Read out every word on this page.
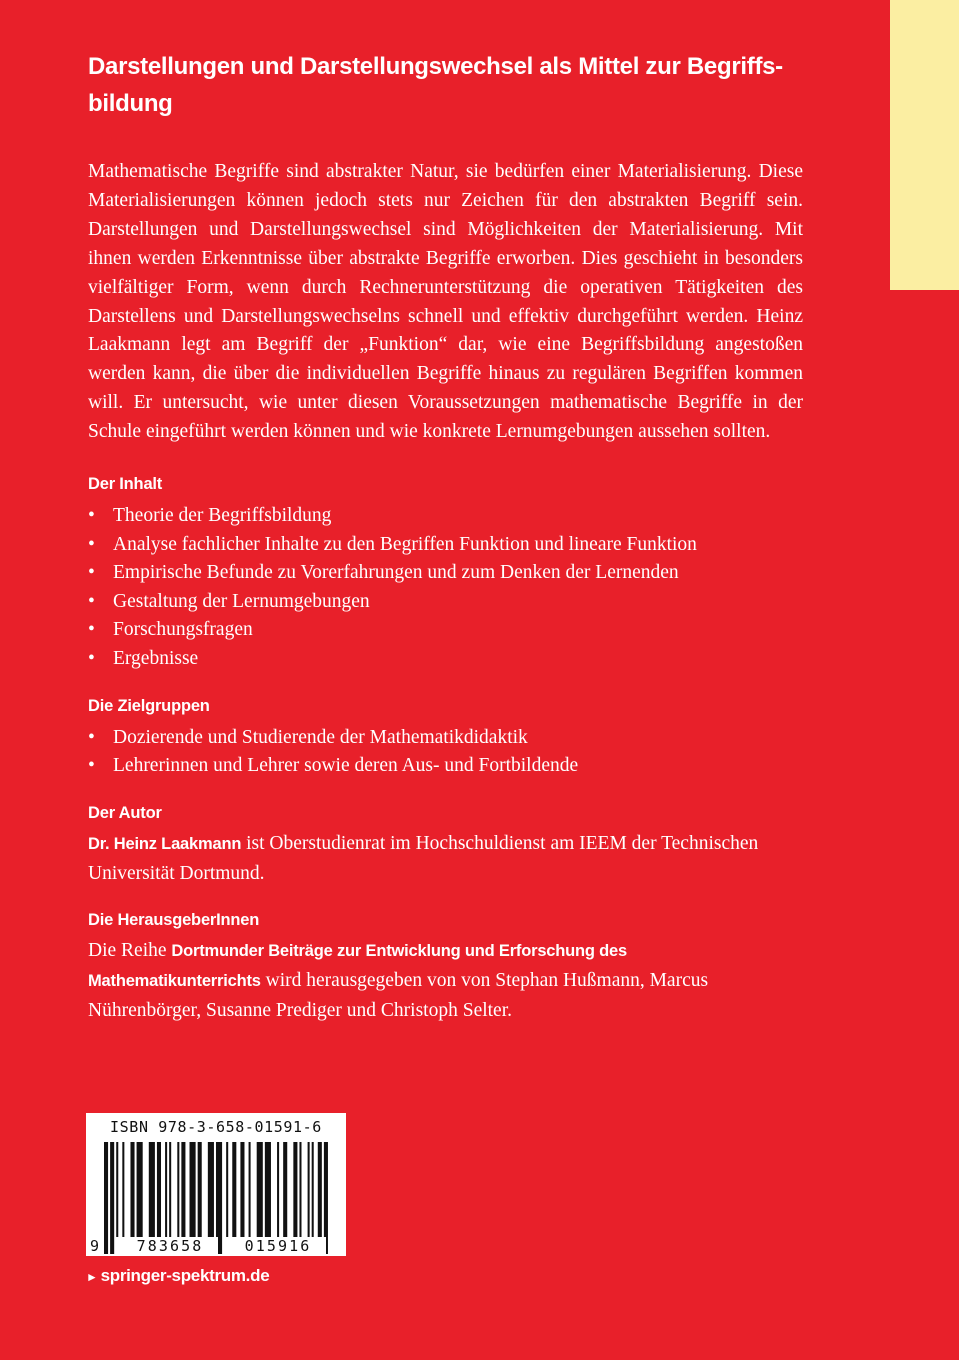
Darstellungen und Darstellungswechsel als Mittel zur Begriffs- bildung

Mathematische Begriffe sind abstrakter Natur, sie bedürfen einer Materialisierung. Diese Materialisierungen können jedoch stets nur Zeichen für den abstrakten Begriff sein. Darstellungen und Darstellungswechsel sind Möglichkeiten der Materialisierung. Mit ihnen werden Erkenntnisse über abstrakte Begriffe erworben. Dies geschieht in besonders vielfältiger Form, wenn durch Rechnerunterstützung die operativen Tätigkeiten des Darstellens und Darstellungswechselns schnell und effektiv durchgeführt werden. Heinz Laakmann legt am Begriff der „Funktion“ dar, wie eine Begriffsbildung angestoßen werden kann, die über die individuellen Begriffe hinaus zu regulären Begriffen kommen will. Er untersucht, wie unter diesen Voraussetzungen mathematische Begriffe in der Schule eingeführt werden können und wie konkrete Lernumgebungen aussehen sollten.

Der Inhalt
• Theorie der Begriffsbildung
• Analyse fachlicher Inhalte zu den Begriffen Funktion und lineare Funktion
• Empirische Befunde zu Vorerfahrungen und zum Denken der Lernenden
• Gestaltung der Lernumgebungen
• Forschungsfragen
• Ergebnisse
Die Zielgruppen
• Dozierende und Studierende der Mathematikdidaktik
• Lehrerinnen und Lehrer sowie deren Aus- und Fortbildende
Der Autor

Dr. Heinz Laakmann ist Oberstudienrat im Hochschuldienst am IEEM der Technischen Universität Dortmund.

Die HerausgeberInnen

Die Reihe Dortmunder Beiträge zur Entwicklung und Erforschung des Mathematikunterrichts wird herausgegeben von von Stephan Hußmann, Marcus Nührenbörger, Susanne Prediger und Christoph Selter.

ISBN 978-3-658-01591-6
9	783658	015916
► springer-spektrum.de
